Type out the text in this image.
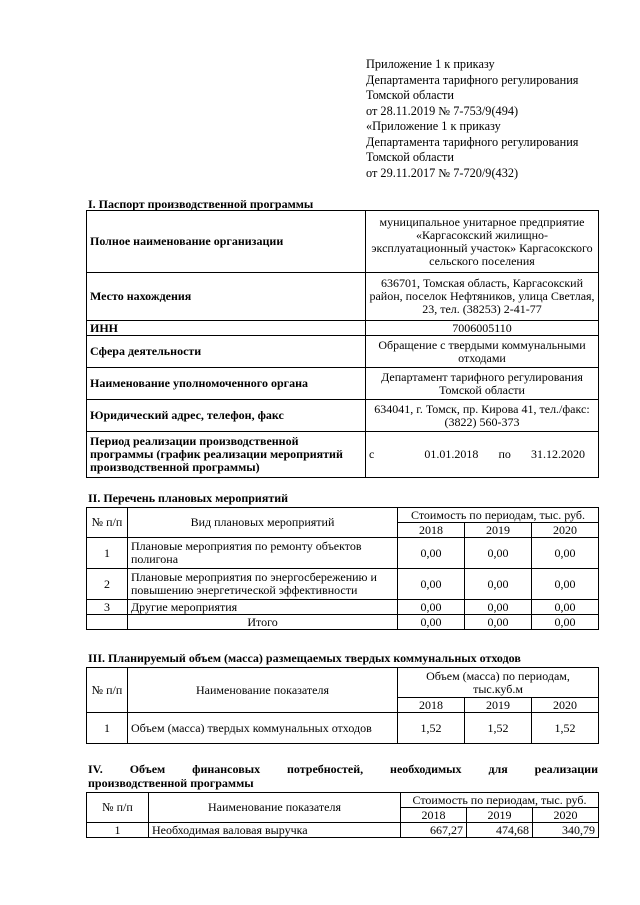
Приложение 1 к приказу
Департамента тарифного регулирования
Томской области
от 28.11.2019 № 7-753/9(494)
«Приложение 1 к приказу
Департамента тарифного регулирования
Томской области
от 29.11.2017 № 7-720/9(432)
I. Паспорт производственной программы
Полное наименование организации	муниципальное унитарное предприятие «Каргасокский жилищно-эксплуатационный участок» Каргасокского сельского поселения
Место нахождения	636701, Томская область, Каргасокский район, поселок Нефтяников, улица Светлая, 23, тел. (38253) 2-41-77
ИНН	7006005110
Сфера деятельности	Обращение с твердыми коммунальными отходами
Наименование уполномоченного органа	Департамент тарифного регулирования Томской области
Юридический адрес, телефон, факс	634041, г. Томск, пр. Кирова 41, тел./факс: (3822) 560-373
Период реализации производственной программы (график реализации мероприятий производственной программы)	с 01.01.2018 по 31.12.2020
II. Перечень плановых мероприятий
№ п/п	Вид плановых мероприятий	Стоимость по периодам, тыс. руб.		
		2018	2019	2020
1	Плановые мероприятия по ремонту объектов полигона	0,00	0,00	0,00
2	Плановые мероприятия по энергосбережению и повышению энергетической эффективности	0,00	0,00	0,00
3	Другие мероприятия	0,00	0,00	0,00
	Итого	0,00	0,00	0,00
III. Планируемый объем (масса) размещаемых твердых коммунальных отходов
№ п/п	Наименование показателя	Объем (масса) по периодам, тыс.куб.м		
		2018	2019	2020
1	Объем (масса) твердых коммунальных отходов	1,52	1,52	1,52
IV. Объем финансовых потребностей, необходимых для реализации
производственной программы
№ п/п	Наименование показателя	Стоимость по периодам, тыс. руб.		
		2018	2019	2020
1	Необходимая валовая выручка	667,27	474,68	340,79
